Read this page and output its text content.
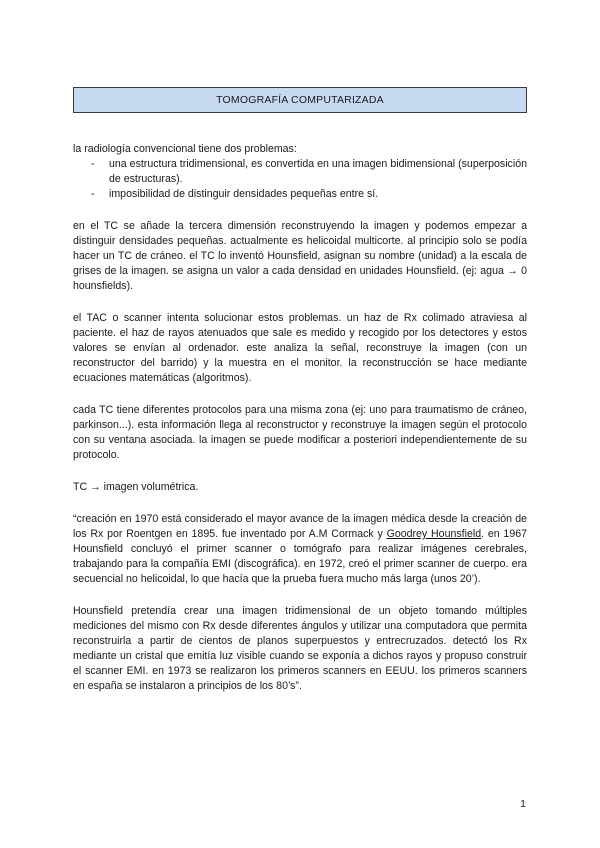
TOMOGRAFÍA COMPUTARIZADA

la radiología convencional tiene dos problemas:

- una estructura tridimensional, es convertida en una imagen bidimensional (superposición de estructuras).
- imposibilidad de distinguir densidades pequeñas entre sí.

en el TC se añade la tercera dimensión reconstruyendo la imagen y podemos empezar a distinguir densidades pequeñas. actualmente es helicoidal multicorte. al principio solo se podía hacer un TC de cráneo. el TC lo inventó Hounsfield, asignan su nombre (unidad) a la escala de grises de la imagen. se asigna un valor a cada densidad en unidades Hounsfield. (ej: agua → 0 hounsfields).

el TAC o scanner intenta solucionar estos problemas. un haz de Rx colimado atraviesa al paciente. el haz de rayos atenuados que sale es medido y recogido por los detectores y estos valores se envían al ordenador. este analiza la señal, reconstruye la imagen (con un reconstructor del barrido) y la muestra en el monitor. la reconstrucción se hace mediante ecuaciones matemáticas (algoritmos).

cada TC tiene diferentes protocolos para una misma zona (ej: uno para traumatismo de cráneo, parkinson...). esta información llega al reconstructor y reconstruye la imagen según el protocolo con su ventana asociada. la imagen se puede modificar a posteriori independientemente de su protocolo.

TC → imagen volumétrica.

“creación en 1970 está considerado el mayor avance de la imagen médica desde la creación de los Rx por Roentgen en 1895. fue inventado por A.M Cormack y Goodrey Hounsfield. en 1967 Hounsfield concluyó el primer scanner o tomógrafo para realizar imágenes cerebrales, trabajando para la compañía EMI (discográfica). en 1972, creó el primer scanner de cuerpo. era secuencial no helicoidal, lo que hacía que la prueba fuera mucho más larga (unos 20’).

Hounsfield pretendía crear una imagen tridimensional de un objeto tomando múltiples mediciones del mismo con Rx desde diferentes ángulos y utilizar una computadora que permita reconstruirla a partir de cientos de planos superpuestos y entrecruzados. detectó los Rx mediante un cristal que emitía luz visible cuando se exponía a dichos rayos y propuso construir el scanner EMI. en 1973 se realizaron los primeros scanners en EEUU. los primeros scanners en españa se instalaron a principios de los 80’s”.

1
